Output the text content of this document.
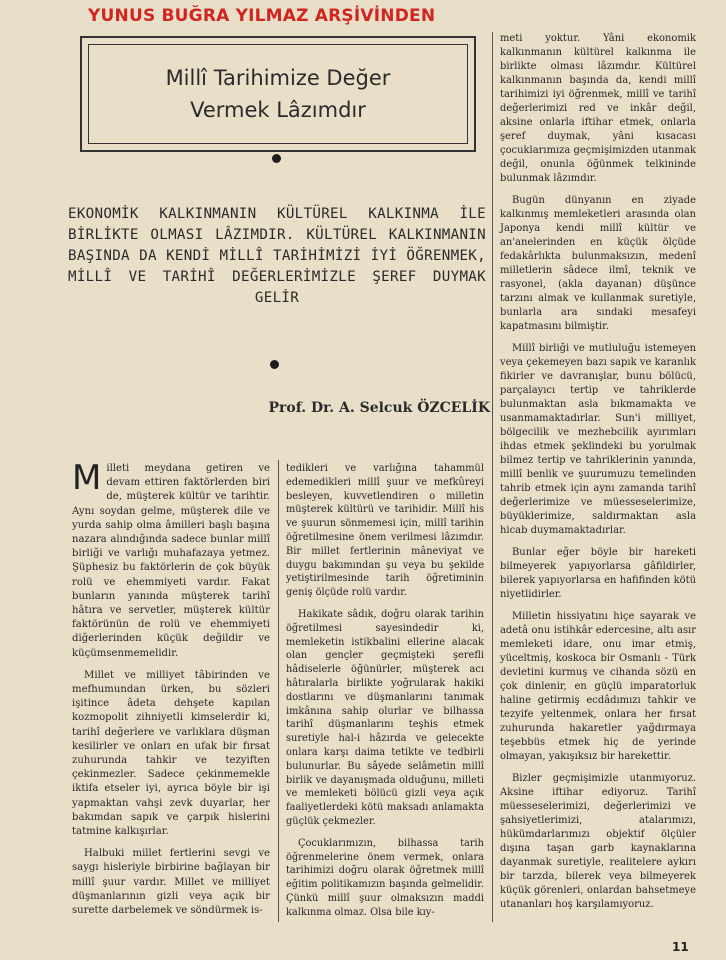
YUNUS BUĞRA YILMAZ ARŞİVİNDEN
Millî Tarihimize Değer
Vermek Lâzımdır
EKONOMİK KALKINMANIN KÜLTÜREL KALKINMA İLE BİRLİKTE OLMASI LÂZIMDIR. KÜLTÜREL KALKINMANIN BAŞINDA DA KENDİ MİLLÎ TARİHİMİZİ İYİ ÖĞRENMEK, MİLLÎ VE TARİHÎ DEĞERLERİMİZLE ŞEREF DUYMAK GELİR
Prof. Dr. A. Selcuk ÖZCELİK

Milleti meydana getiren ve devam ettiren faktörlerden biri de, müşterek kültür ve tarihtir. Aynı soydan gelme, müşterek dile ve yurda sahip olma âmilleri başlı başına nazara alındığında sadece bunlar millî birliği ve varlığı muhafazaya yetmez. Şüphesiz bu faktörlerin de çok büyük rolü ve ehemmiyeti vardır. Fakat bunların yanında müşterek tarihî hâtıra ve servetler, müşterek kültür faktörünün de rolü ve ehemmiyeti diğerlerinden küçük değildir ve küçümsenmemelidir.

Millet ve milliyet tâbirinden ve mefhumundan ürken, bu sözleri işitince âdeta dehşete kapılan kozmopolit zihniyetli kimselerdir ki, tarihî değerlere ve varlıklara düşman kesilirler ve onları en ufak bir fırsat zuhurunda tahkir ve tezyiften çekinmezler. Sadece çekinmemekle iktifa etseler iyi, ayrıca böyle bir işi yapmaktan vahşi zevk duyarlar, her bakımdan sapık ve çarpık hislerini tatmine kalkışırlar.

Halbuki millet fertlerini sevgi ve saygı hisleriyle birbirine bağlayan bir millî şuur vardır. Millet ve milliyet düşmanlarının gizli veya açık bir surette darbelemek ve söndürmek is-

tedikleri ve varlığına tahammül edemedikleri millî şuur ve mefkûreyi besleyen, kuvvetlendiren o milletin müşterek kültürü ve tarihidir. Millî his ve şuurun sönmemesi için, millî tarihin öğretilmesine önem verilmesi lâzımdır. Bir millet fertlerinin mâneviyat ve duygu bakımından şu veya bu şekilde yetiştirilmesinde tarih öğretiminin geniş ölçüde rolü vardır.

Hakikate sâdık, doğru olarak tarihin öğretilmesi sayesindedir ki, memleketin istikbalini ellerine alacak olan gençler geçmişteki şerefli hâdiselerle öğünürler, müşterek acı hâtıralarla birlikte yoğrularak hakiki dostlarını ve düşmanlarını tanımak imkânına sahip olurlar ve bilhassa tarihî düşmanlarını teşhis etmek suretiyle hal-i hâzırda ve gelecekte onlara karşı daima tetikte ve tedbirli bulunurlar. Bu sâyede selâmetin millî birlik ve dayanışmada olduğunu, milleti ve memleketi bölücü gizli veya açık faaliyetlerdeki kötü maksadı anlamakta güçlük çekmezler.

Çocuklarımızın, bilhassa tarih öğrenmelerine önem vermek, onlara tarihimizi doğru olarak öğretmek millî eğitim politikamızın başında gelmelidir. Çünkü millî şuur olmaksızın maddi kalkınma olmaz. Olsa bile kıy-

meti yoktur. Yâni ekonomik kalkınmanın kültürel kalkınma ile birlikte olması lâzımdır. Kültürel kalkınmanın başında da, kendi millî tarihimizi iyi öğrenmek, millî ve tarihî değerlerimizi red ve inkâr değil, aksine onlarla iftihar etmek, onlarla şeref duymak, yâni kısacası çocuklarımıza geçmişimizden utanmak değil, onunla öğünmek telkininde bulunmak lâzımdır.

Bugün dünyanın en ziyade kalkınmış memleketleri arasında olan Japonya kendi millî kültür ve an'anelerinden en küçük ölçüde fedakârlıkta bulunmaksızın, medenî milletlerin sâdece ilmî, teknik ve rasyonel, (akla dayanan) düşünce tarzını almak ve kullanmak suretiyle, bunlarla ara sındaki mesafeyi kapatmasını bilmiştir.

Millî birliği ve mutluluğu istemeyen veya çekemeyen bazı sapık ve karanlık fikirler ve davranışlar, bunu bölücü, parçalayıcı tertip ve tahriklerde bulunmaktan asla bıkmamakta ve usanmamaktadırlar. Sun'i milliyet, bölgecilik ve mezhebcilik ayırımları ihdas etmek şeklindeki bu yorulmak bilmez tertip ve tahriklerinin yanında, millî benlik ve şuurumuzu temelinden tahrib etmek için aynı zamanda tarihî değerlerimize ve müesseselerimize, büyüklerimize, saldırmaktan asla hicab duymamaktadırlar.

Bunlar eğer böyle bir hareketi bilmeyerek yapıyorlarsa gâfildirler, bilerek yapıyorlarsa en hafifinden kötü niyetlidirler.

Milletin hissiyatını hiçe sayarak ve adetâ onu istihkâr edercesine, altı asır memleketi idare, onu imar etmiş, yüceltmiş, koskoca bir Osmanlı - Türk devletini kurmuş ve cihanda sözü en çok dinlenir, en güçlü imparatorluk haline getirmiş ecdâdımızı tahkir ve tezyife yeltenmek, onlara her fırsat zuhurunda hakaretler yağdırmaya teşebbüs etmek hiç de yerinde olmayan, yakışıksız bir harekettir.

Bizler geçmişimizle utanmıyoruz. Aksine iftihar ediyoruz. Tarihî müesseselerimizi, değerlerimizi ve şahsiyetlerimizi, atalarımızı, hükümdarlarımızı objektif ölçüler dışına taşan garb kaynaklarına dayanmak suretiyle, realitelere aykırı bir tarzda, bilerek veya bilmeyerek küçük görenleri, onlardan bahsetmeye utananları hoş karşılamıyoruz.

11
